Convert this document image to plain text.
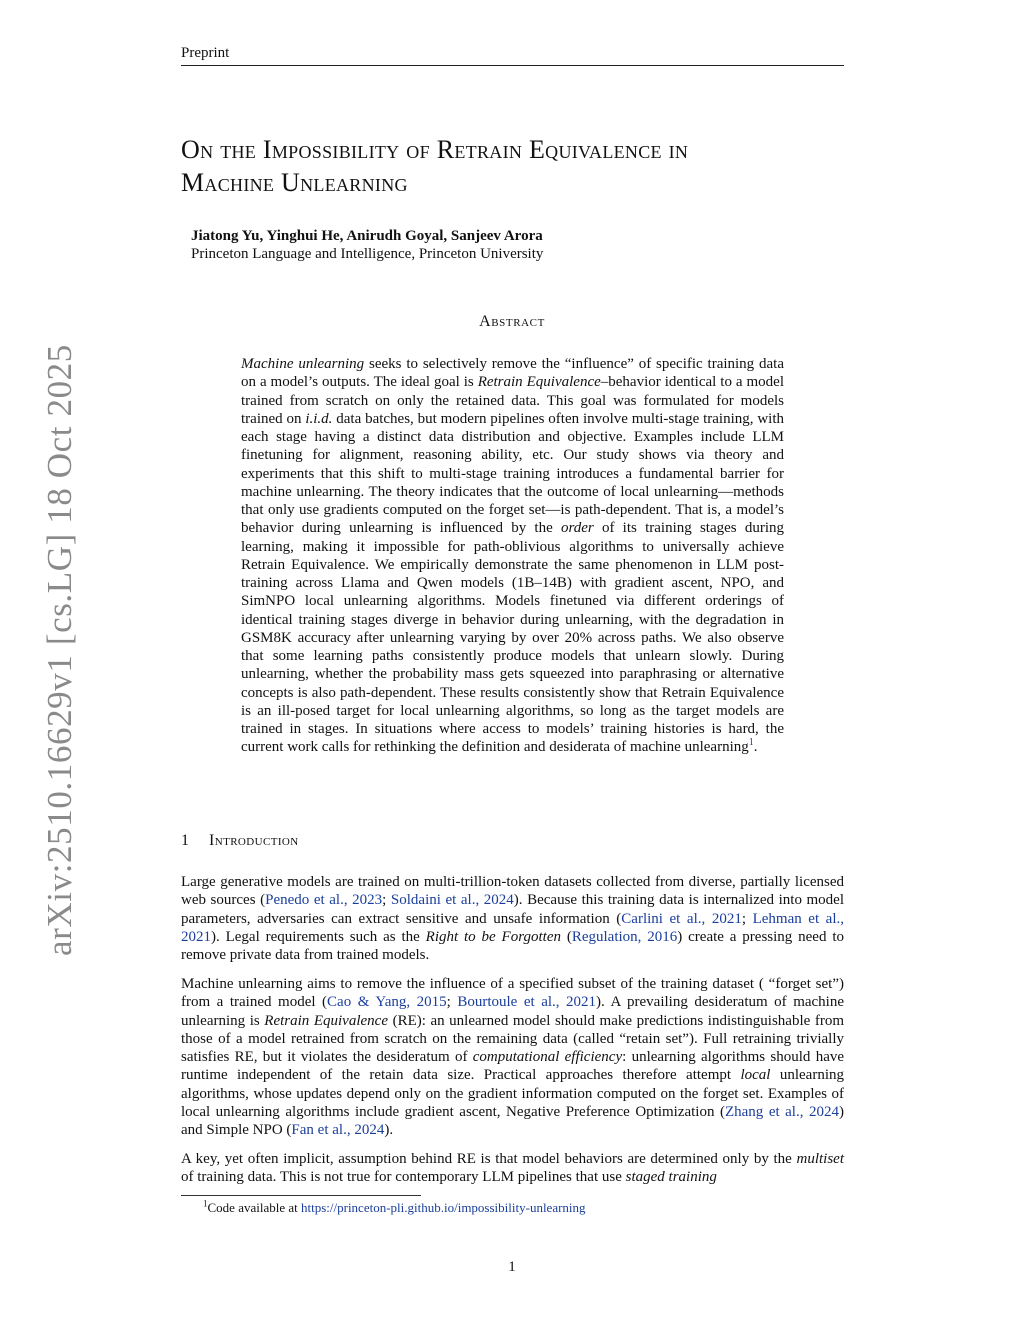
Preprint
arXiv:2510.16629v1 [cs.LG] 18 Oct 2025
On the Impossibility of Retrain Equivalence in
Machine Unlearning
Jiatong Yu, Yinghui He, Anirudh Goyal, Sanjeev Arora
Princeton Language and Intelligence, Princeton University
Abstract
Machine unlearning seeks to selectively remove the “influence” of specific training data on a model’s outputs. The ideal goal is Retrain Equivalence–behavior identical to a model trained from scratch on only the retained data. This goal was formulated for models trained on i.i.d. data batches, but modern pipelines often involve multi-stage training, with each stage having a distinct data distribution and objective. Examples include LLM finetuning for alignment, reasoning ability, etc. Our study shows via theory and experiments that this shift to multi-stage training introduces a fundamental barrier for machine unlearning. The theory indicates that the outcome of local unlearning—methods that only use gradients computed on the forget set—is path-dependent. That is, a model’s behavior during unlearning is influenced by the order of its training stages during learning, making it impossible for path-oblivious algorithms to universally achieve Retrain Equivalence. We empirically demonstrate the same phenomenon in LLM post-training across Llama and Qwen models (1B–14B) with gradient ascent, NPO, and SimNPO local unlearning algorithms. Models finetuned via different orderings of identical training stages diverge in behavior during unlearning, with the degradation in GSM8K accuracy after unlearning varying by over 20% across paths. We also observe that some learning paths consistently produce models that unlearn slowly. During unlearning, whether the probability mass gets squeezed into paraphrasing or alternative concepts is also path-dependent. These results consistently show that Retrain Equivalence is an ill-posed target for local unlearning algorithms, so long as the target models are trained in stages. In situations where access to models’ training histories is hard, the current work calls for rethinking the definition and desiderata of machine unlearning$^1$.
1 Introduction
Large generative models are trained on multi-trillion-token datasets collected from diverse, partially licensed web sources (Penedo et al., 2023; Soldaini et al., 2024). Because this training data is internalized into model parameters, adversaries can extract sensitive and unsafe information (Carlini et al., 2021; Lehman et al., 2021). Legal requirements such as the Right to be Forgotten (Regulation, 2016) create a pressing need to remove private data from trained models.
Machine unlearning aims to remove the influence of a specified subset of the training dataset ( “forget set”) from a trained model (Cao & Yang, 2015; Bourtoule et al., 2021). A prevailing desideratum of machine unlearning is Retrain Equivalence (RE): an unlearned model should make predictions indistinguishable from those of a model retrained from scratch on the remaining data (called “retain set”). Full retraining trivially satisfies RE, but it violates the desideratum of computational efficiency: unlearning algorithms should have runtime independent of the retain data size. Practical approaches therefore attempt local unlearning algorithms, whose updates depend only on the gradient information computed on the forget set. Examples of local unlearning algorithms include gradient ascent, Negative Preference Optimization (Zhang et al., 2024) and Simple NPO (Fan et al., 2024).
A key, yet often implicit, assumption behind RE is that model behaviors are determined only by the multiset of training data. This is not true for contemporary LLM pipelines that use staged training
$^1$Code available at https://princeton-pli.github.io/impossibility-unlearning
1
